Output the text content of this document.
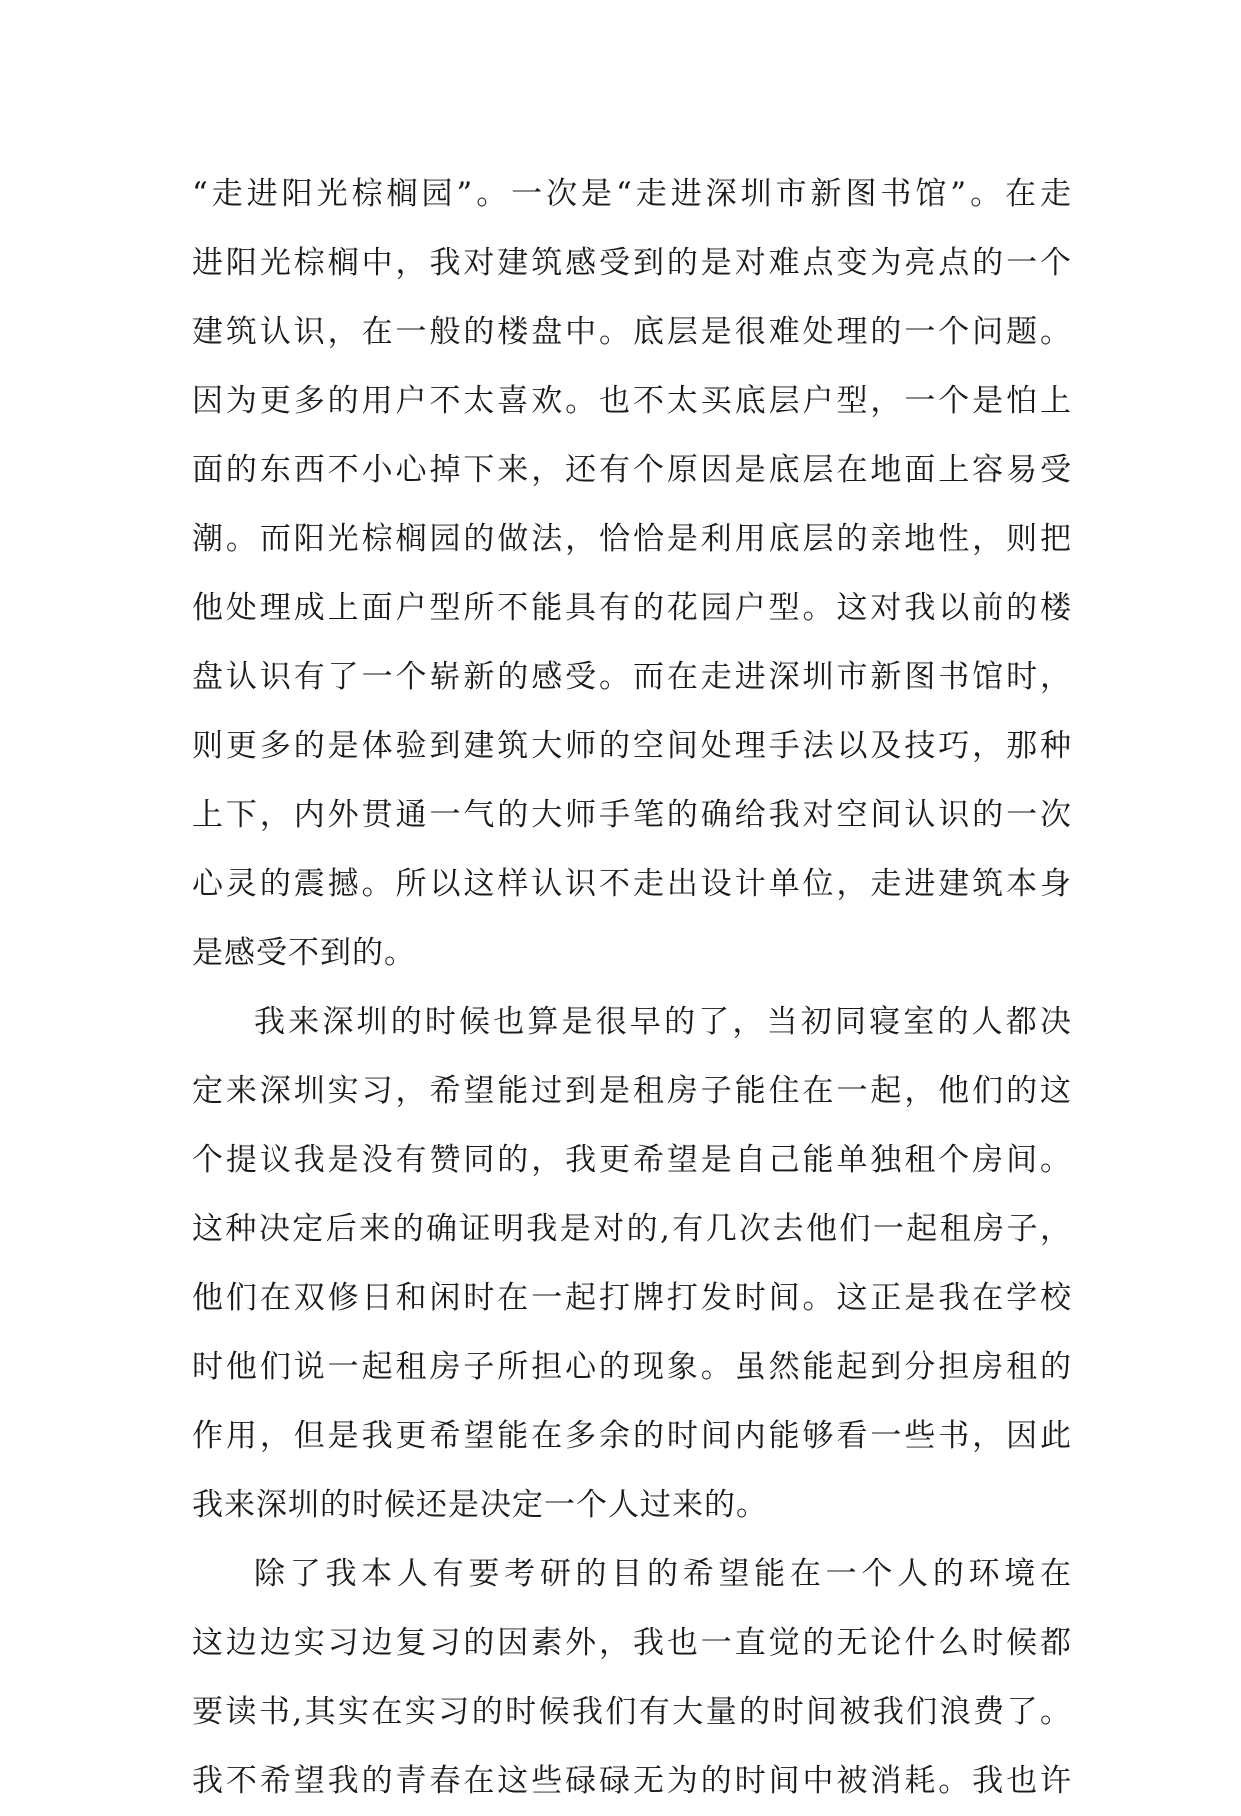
“走进阳光棕榈园”。一次是“走进深圳市新图书馆”。在走
进阳光棕榈中，我对建筑感受到的是对难点变为亮点的一个
建筑认识，在一般的楼盘中。底层是很难处理的一个问题。
因为更多的用户不太喜欢。也不太买底层户型，一个是怕上
面的东西不小心掉下来，还有个原因是底层在地面上容易受
潮。而阳光棕榈园的做法，恰恰是利用底层的亲地性，则把
他处理成上面户型所不能具有的花园户型。这对我以前的楼
盘认识有了一个崭新的感受。而在走进深圳市新图书馆时，
则更多的是体验到建筑大师的空间处理手法以及技巧，那种
上下，内外贯通一气的大师手笔的确给我对空间认识的一次
心灵的震撼。所以这样认识不走出设计单位，走进建筑本身
是感受不到的。
我来深圳的时候也算是很早的了，当初同寝室的人都决
定来深圳实习，希望能过到是租房子能住在一起，他们的这
个提议我是没有赞同的，我更希望是自己能单独租个房间。
这种决定后来的确证明我是对的,有几次去他们一起租房子，
他们在双修日和闲时在一起打牌打发时间。这正是我在学校
时他们说一起租房子所担心的现象。虽然能起到分担房租的
作用，但是我更希望能在多余的时间内能够看一些书，因此
我来深圳的时候还是决定一个人过来的。
除了我本人有要考研的目的希望能在一个人的环境在
这边边实习边复习的因素外，我也一直觉的无论什么时候都
要读书,其实在实习的时候我们有大量的时间被我们浪费了。
我不希望我的青春在这些碌碌无为的时间中被消耗。我也许
